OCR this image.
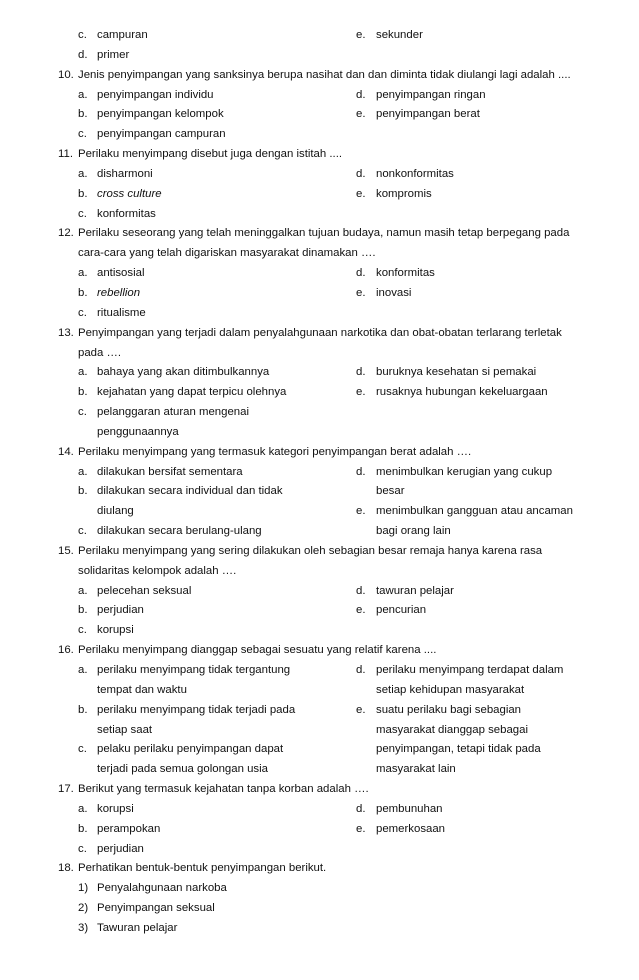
c. campuran	e. sekunder
d. primer
10. Jenis penyimpangan yang sanksinya berupa nasihat dan dan diminta tidak diulangi lagi adalah ....
a. penyimpangan individu	d. penyimpangan ringan
b. penyimpangan kelompok	e. penyimpangan berat
c. penyimpangan campuran
11. Perilaku menyimpang disebut juga dengan istitah ....
a. disharmoni	d. nonkonformitas
b. cross culture	e. kompromis
c. konformitas
12. Perilaku seseorang yang telah meninggalkan tujuan budaya, namun masih tetap berpegang pada
cara-cara yang telah digariskan masyarakat dinamakan ….
a. antisosial	d. konformitas
b. rebellion	e. inovasi
c. ritualisme
13. Penyimpangan yang terjadi dalam penyalahgunaan narkotika dan obat-obatan terlarang terletak
pada ….
a. bahaya yang akan ditimbulkannya	d. buruknya kesehatan si pemakai
b. kejahatan yang dapat terpicu olehnya	e. rusaknya hubungan kekeluargaan
c. pelanggaran aturan mengenai
penggunaannya
14. Perilaku menyimpang yang termasuk kategori penyimpangan berat adalah ….
a. dilakukan bersifat sementara	d. menimbulkan kerugian yang cukup
b. dilakukan secara individual dan tidak	besar
diulang	e. menimbulkan gangguan atau ancaman
c. dilakukan secara berulang-ulang	bagi orang lain
15. Perilaku menyimpang yang sering dilakukan oleh sebagian besar remaja hanya karena rasa
solidaritas kelompok adalah ….
a. pelecehan seksual	d. tawuran pelajar
b. perjudian	e. pencurian
c. korupsi
16. Perilaku menyimpang dianggap sebagai sesuatu yang relatif karena ....
a. perilaku menyimpang tidak tergantung	d. perilaku menyimpang terdapat dalam
tempat dan waktu	setiap kehidupan masyarakat
b. perilaku menyimpang tidak terjadi pada	e. suatu perilaku bagi sebagian
setiap saat	masyarakat dianggap sebagai
c. pelaku perilaku penyimpangan dapat	penyimpangan, tetapi tidak pada
terjadi pada semua golongan usia	masyarakat lain
17. Berikut yang termasuk kejahatan tanpa korban adalah ….
a. korupsi	d. pembunuhan
b. perampokan	e. pemerkosaan
c. perjudian
18. Perhatikan bentuk-bentuk penyimpangan berikut.
1) Penyalahgunaan narkoba
2) Penyimpangan seksual
3) Tawuran pelajar
